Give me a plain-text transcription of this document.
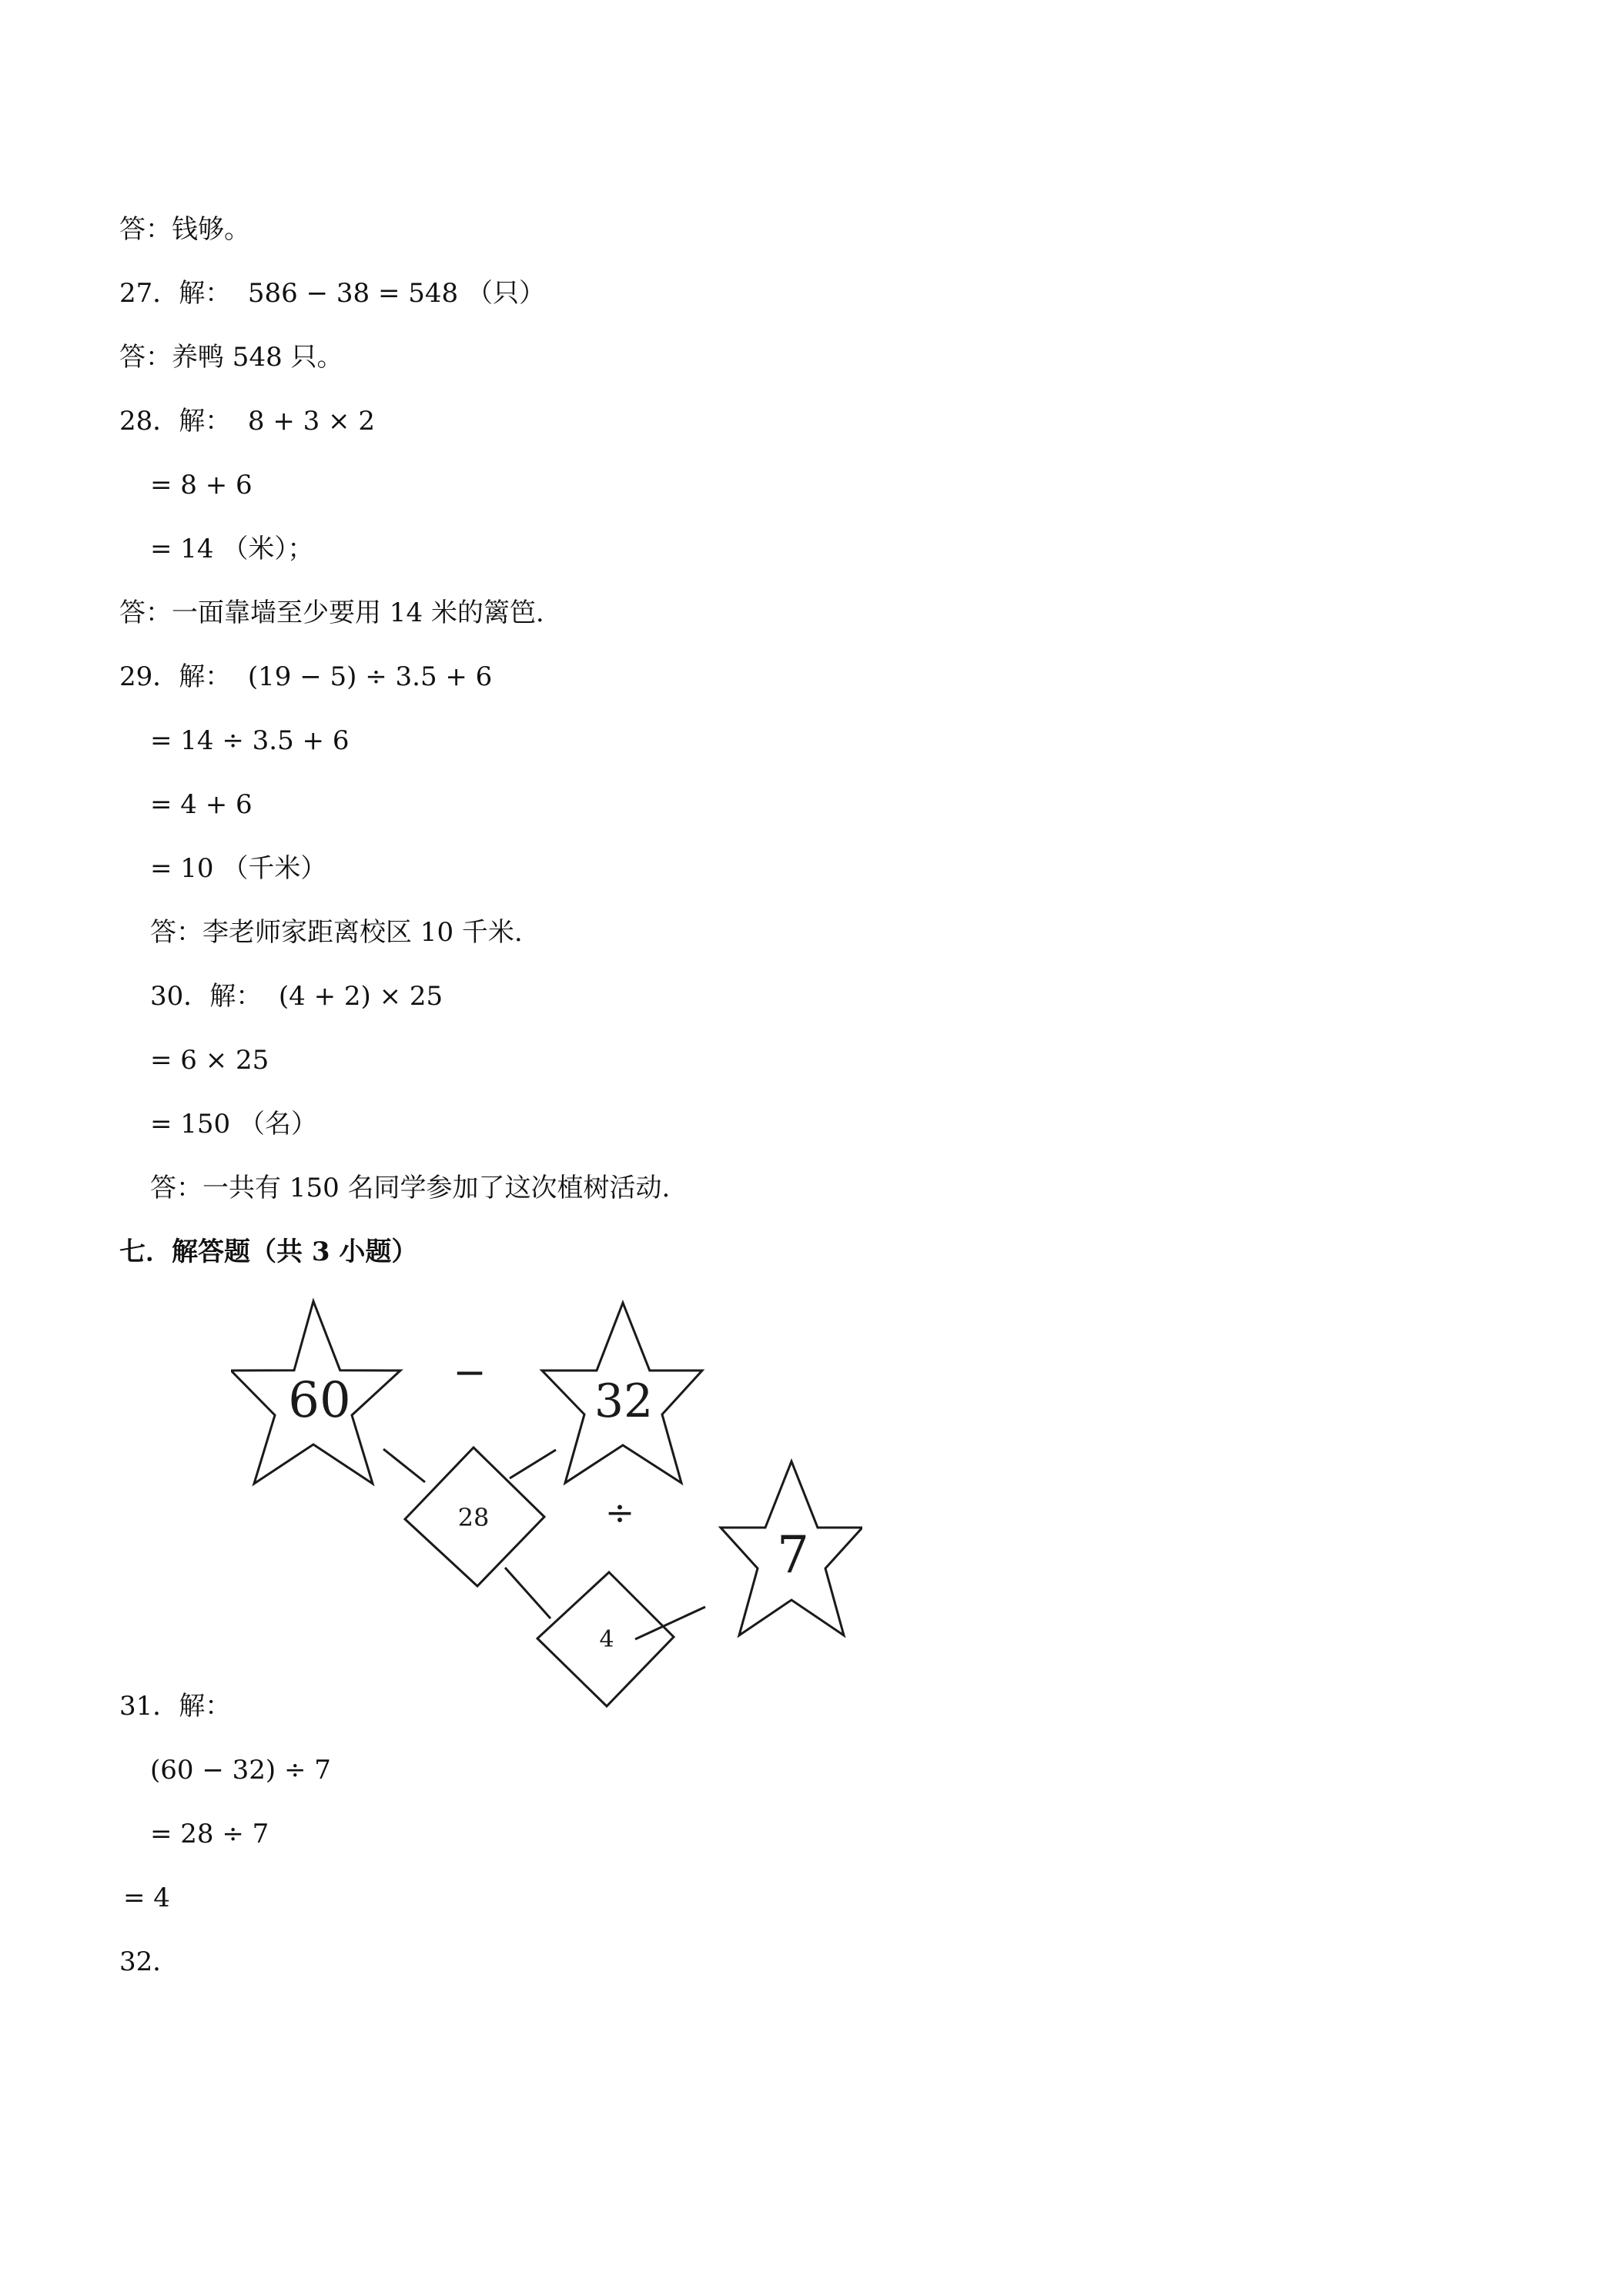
答：钱够。

27．解：  586 − 38 = 548 （只）

答：养鸭 548 只。

28．解：  8 + 3 × 2

= 8 + 6

= 14 （米）；

答：一面靠墙至少要用 14 米的篱笆.

29．解：  (19 − 5) ÷ 3.5 + 6

= 14 ÷ 3.5 + 6

= 4 + 6

= 10 （千米）

答：李老师家距离校区 10 千米.

30．解：  (4 + 2) × 25

= 6 × 25

= 150 （名）

答：一共有 150 名同学参加了这次植树活动.

七．解答题（共 3 小题）

60	−
32
28	÷
7
4

31．解：

(60 − 32) ÷ 7

= 28 ÷ 7

= 4

32．
